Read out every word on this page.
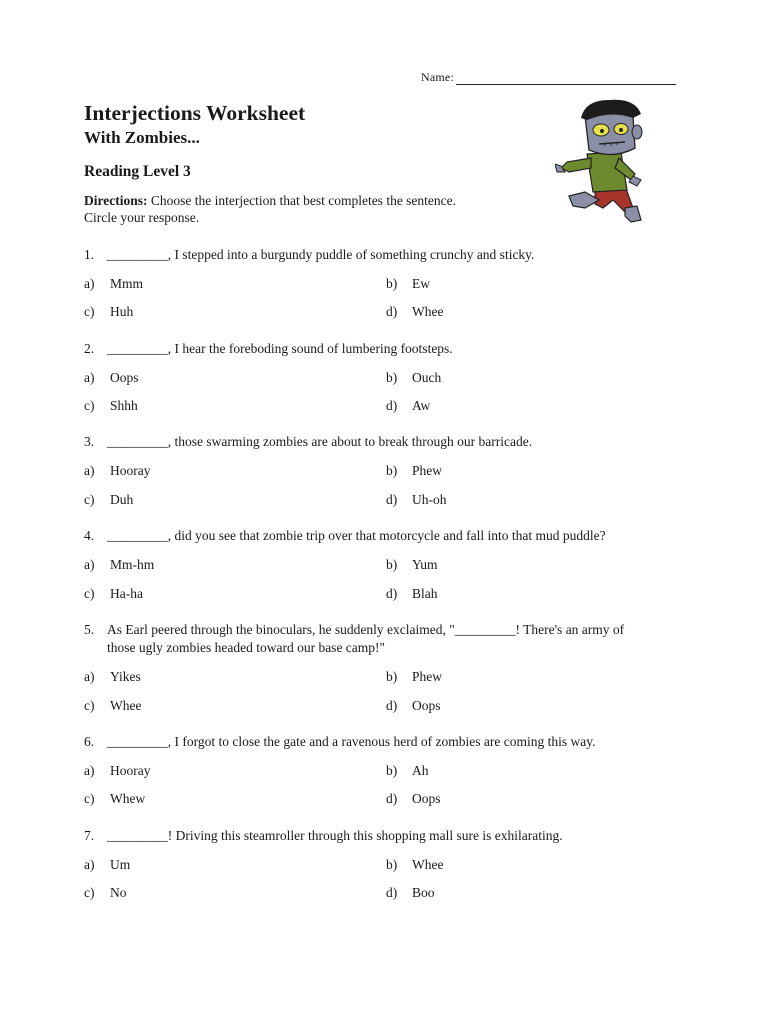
Name:
Interjections Worksheet
With Zombies...
Reading Level 3
Directions: Choose the interjection that best completes the sentence.
Circle your response.
1. _________, I stepped into a burgundy puddle of something crunchy and sticky.
a) Mmm	b) Ew
c) Huh	d) Whee
2. _________, I hear the foreboding sound of lumbering footsteps.
a) Oops	b) Ouch
c) Shhh	d) Aw
3. _________, those swarming zombies are about to break through our barricade.
a) Hooray	b) Phew
c) Duh	d) Uh-oh
4. _________, did you see that zombie trip over that motorcycle and fall into that mud puddle?
a) Mm-hm	b) Yum
c) Ha-ha	d) Blah
5. As Earl peered through the binoculars, he suddenly exclaimed, "_________! There's an army of
those ugly zombies headed toward our base camp!"
a) Yikes	b) Phew
c) Whee	d) Oops
6. _________, I forgot to close the gate and a ravenous herd of zombies are coming this way.
a) Hooray	b) Ah
c) Whew	d) Oops
7. _________! Driving this steamroller through this shopping mall sure is exhilarating.
a) Um	b) Whee
c) No	d) Boo
